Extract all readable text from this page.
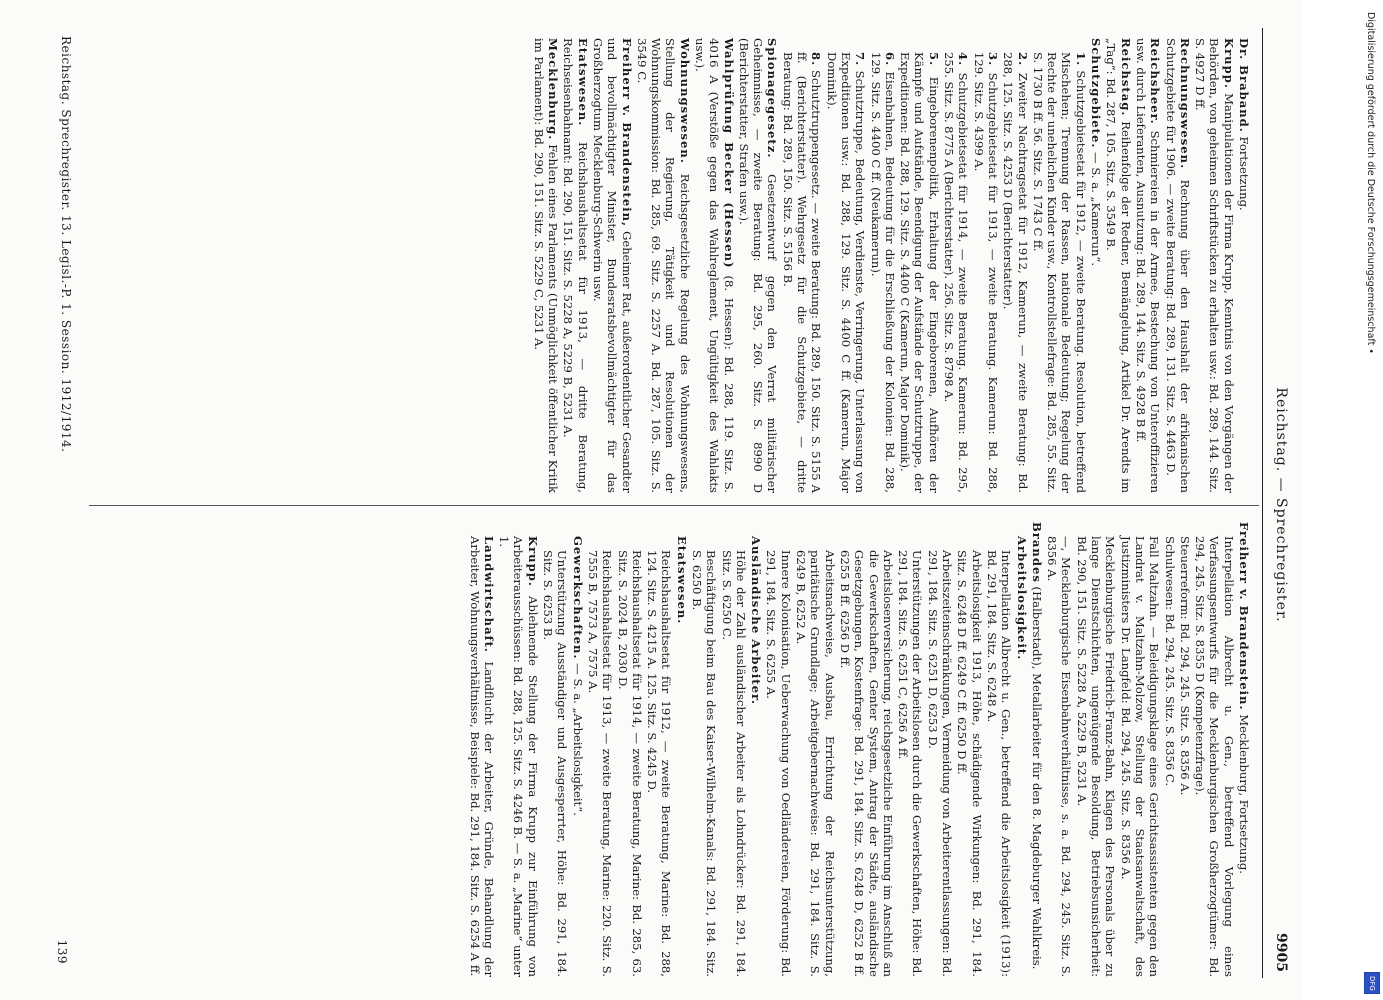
Reichstag. — Sprechregister.
9905
Dr. Braband. Fortsetzung.
Krupp. Manipulationen der Firma Krupp, Kenntnis von den Vorgängen der Behörden, von geheimen Schriftstücken zu erhalten usw.: Bd. 289, 144. Sitz. S. 4927 D ff.
Rechnungswesen. Rechnung über den Haushalt der afrikanischen Schutzgebiete für 1906. — zweite Beratung: Bd. 289, 131. Sitz. S. 4463 D.
Reichsheer. Schmiereien in der Armee, Bestechung von Unteroffizieren usw. durch Lieferanten, Ausnutzung: Bd. 289, 144. Sitz. S. 4928 B ff.
Reichstag. Reihenfolge der Redner, Bemängelung, Artikel Dr. Arendts im „Tag“: Bd. 287, 105. Sitz. S. 3549 B.
Schutzgebiete. — S. a. „Kamerun“.
1. Schutzgebietsetat für 1912, — zweite Beratung. Resolution, betreffend Mischehen; Trennung der Rassen, nationale Bedeutung; Regelung der Rechte der unehelichen Kinder usw., Kontrollstellefrage: Bd. 285, 55. Sitz. S. 1730 B ff. 56. Sitz. S. 1743 C ff.
2. Zweiter Nachtragsetat für 1912, Kamerun, — zweite Beratung: Bd. 288, 125. Sitz. S. 4253 D (Berichterstatter).
3. Schutzgebietsetat für 1913, — zweite Beratung. Kamerun: Bd. 288, 129. Sitz. S. 4399 A.
4. Schutzgebietsetat für 1914, — zweite Beratung. Kamerun: Bd. 295, 255. Sitz. S. 8775 A (Berichterstatter). 256. Sitz. S. 8798 A.
5. Eingeborenenpolitik, Erhaltung der Eingeborenen, Aufhören der Kämpfe und Aufstände, Beendigung der Aufstände der Schutztruppe, der Expeditionen: Bd. 288, 129. Sitz. S. 4400 C (Kamerun, Major Dominik).
6. Eisenbahnen, Bedeutung für die Erschließung der Kolonien: Bd. 288, 129. Sitz. S. 4400 C ff. (Neukamerun).
7. Schutztruppe, Bedeutung, Verdienste, Verringerung, Unterlassung von Expeditionen usw.: Bd. 288, 129. Sitz. S. 4400 C ff. (Kamerun, Major Dominik).
8. Schutztruppengesetz. — zweite Beratung: Bd. 289, 150. Sitz. S. 5155 A ff. (Berichterstatter). Wehrgesetz für die Schutzgebiete, — dritte Beratung: Bd. 289, 150. Sitz. S. 5156 B.
Spionagegesetz. Gesetzentwurf gegen den Verrat militärischer Geheimnisse, — zweite Beratung: Bd. 295, 260. Sitz. S. 8990 D (Berichterstatter, Strafen usw.).
Wahlprüfung Becker (Hessen) (8. Hessen): Bd. 288, 119. Sitz. S. 4016 A (Verstöße gegen das Wahlreglement, Ungültigkeit des Wahlakts usw.).
Wohnungswesen. Reichsgesetzliche Regelung des Wohnungswesens, Stellung der Regierung, Tätigkeit und Resolutionen der Wohnungskommission: Bd. 285, 69. Sitz. S. 2257 A. Bd. 287, 105. Sitz. S. 3549 C.
Freiherr v. Brandenstein, Geheimer Rat, außerordentlicher Gesandter und bevollmächtigter Minister, Bundesratsbevollmächtigter für das Großherzogtum Mecklenburg-Schwerin usw.
Etatswesen. Reichshaushaltsetat für 1913, — dritte Beratung, Reichseisenbahnamt: Bd. 290, 151. Sitz. S. 5228 A, 5229 B, 5231 A.
Mecklenburg. Fehlen eines Parlaments (Unmöglichkeit öffentlicher Kritik im Parlament): Bd. 290, 151. Sitz. S. 5229 C, 5231 A.
Freiherr v. Brandenstein. Mecklenburg, Fortsetzung.
Interpellation Albrecht u. Gen., betreffend Vorlegung eines Verfassungsentwurfs für die Mecklenburgischen Großherzogtümer: Bd. 294, 245. Sitz. S. 8355 D (Kompetenzfrage).
Steuerreform: Bd. 294, 245. Sitz. S. 8356 A.
Schulwesen: Bd. 294, 245. Sitz. S. 8356 C.
Fall Maltzahn. — Beleidigungsklage eines Gerichtsassistenten gegen den Landrat v. Maltzahn-Molzow, Stellung der Staatsanwaltschaft, des Justizministers Dr. Langfeld: Bd. 294, 245. Sitz. S. 8356 A.
Mecklenburgische Friedrich-Franz-Bahn, Klagen des Personals über zu lange Dienstschichten, ungenügende Besoldung, Betriebsunsicherheit: Bd. 290, 151. Sitz. S. 5228 A, 5229 B, 5231 A.
—, Mecklenburgische Eisenbahnverhältnisse, s. a. Bd. 294, 245. Sitz. S. 8356 A.
Brandes (Halberstadt), Metallarbeiter für den 8. Magdeburger Wahlkreis.
Arbeitslosigkeit.
Interpellation Albrecht u. Gen., betreffend die Arbeitslosigkeit (1913): Bd. 291, 184. Sitz. S. 6248 A.
Arbeitslosigkeit 1913, Höhe, schädigende Wirkungen: Bd. 291, 184. Sitz. S. 6248 D ff. 6249 C ff. 6250 D ff.
Arbeitszeiteinschränkungen, Vermeidung von Arbeiterentlassungen: Bd. 291, 184. Sitz. S. 6251 D, 6253 D.
Unterstützungen der Arbeitslosen durch die Gewerkschaften, Höhe: Bd. 291, 184. Sitz. S. 6251 C, 6256 A ff.
Arbeitslosenversicherung, reichsgesetzliche Einführung im Anschluß an die Gewerkschaften, Genter System, Antrag der Städte, ausländische Gesetzgebungen, Kostenfrage: Bd. 291, 184. Sitz. S. 6248 D, 6252 B ff. 6255 B ff. 6256 D ff.
Arbeitsnachweise, Ausbau, Errichtung der Reichsunterstützung, paritätische Grundlage; Arbeitgebernachweise: Bd. 291, 184. Sitz. S. 6249 B, 6252 A.
Innere Kolonisation, Ueberwachung von Oedländereien, Förderung: Bd. 291, 184. Sitz. S. 6255 A.
Ausländische Arbeiter.
Höhe der Zahl ausländischer Arbeiter als Lohndrücker: Bd. 291, 184. Sitz. S. 6250 C.
Beschäftigung beim Bau des Kaiser-Wilhelm-Kanals: Bd. 291, 184. Sitz. S. 6250 B.
Etatswesen.
Reichshaushaltsetat für 1912, — zweite Beratung, Marine: Bd. 288, 124. Sitz. S. 4215 A. 125. Sitz. S. 4245 D.
Reichshaushaltsetat für 1914, — zweite Beratung, Marine: Bd. 285, 63. Sitz. S. 2024 B, 2030 D.
Reichshaushaltsetat für 1913, — zweite Beratung, Marine: 220. Sitz. S. 7555 B, 7573 A, 7575 A.
Gewerkschaften. — S. a. „Arbeitslosigkeit“.
Unterstützung Ausständiger und Ausgesperrter, Höhe: Bd. 291, 184. Sitz. S. 6253 B.
Krupp. Ablehnende Stellung der Firma Krupp zur Einführung von Arbeiterausschüssen: Bd. 288, 125. Sitz. S. 4246 B. — S. a. „Marine“ unter 1.
Landwirtschaft. Landflucht der Arbeiter, Gründe, Behandlung der Arbeiter, Wohnungsverhältnisse, Beispiele: Bd. 291, 184. Sitz. S. 6254 A ff.
Reichstag. Sprechregister. 13. Legisl.-P. 1. Session. 1912/1914.
139
Digitalisierung gefördert durch die Deutsche Forschungsgemeinschaft •
DFG
